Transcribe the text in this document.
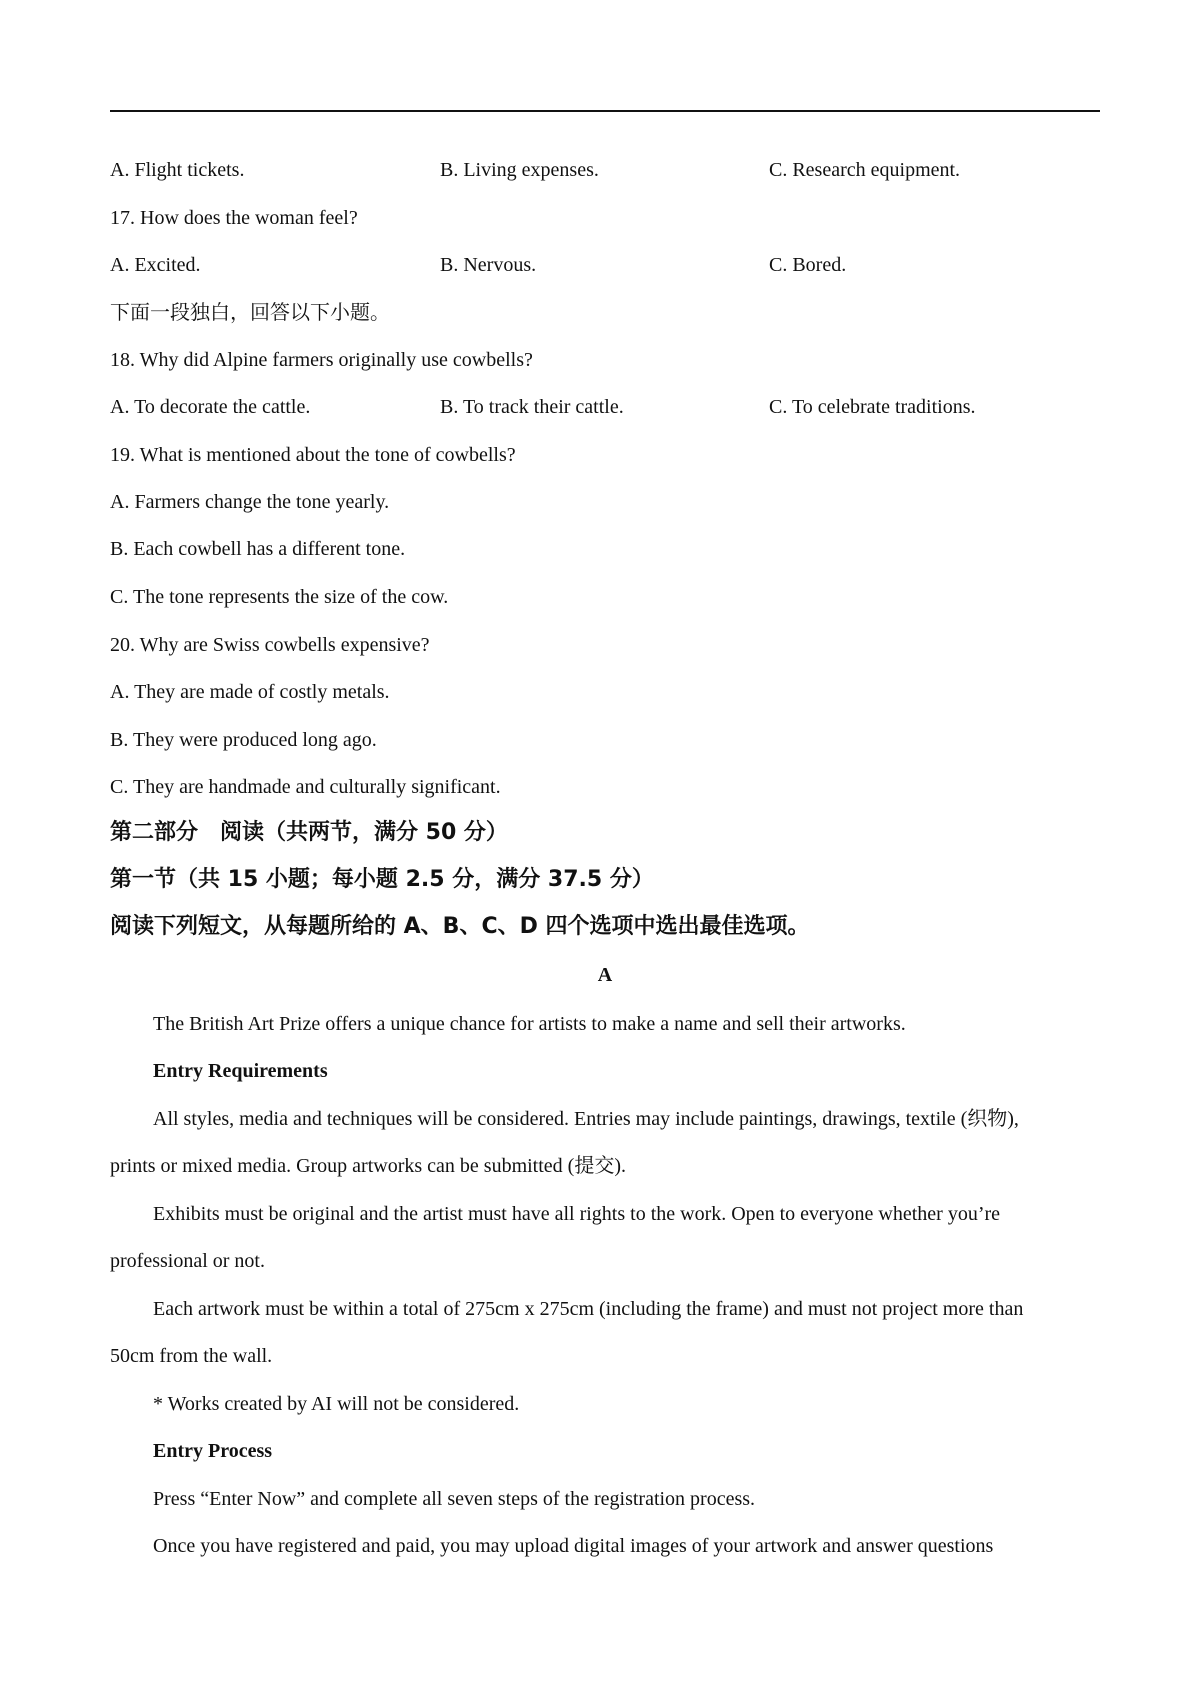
A. Flight tickets.	B. Living expenses.	C. Research equipment.
17. How does the woman feel?
A. Excited.	B. Nervous.	C. Bored.
下面一段独白，回答以下小题。
18. Why did Alpine farmers originally use cowbells?
A. To decorate the cattle.	B. To track their cattle.	C. To celebrate traditions.
19. What is mentioned about the tone of cowbells?
A. Farmers change the tone yearly.
B. Each cowbell has a different tone.
C. The tone represents the size of the cow.
20. Why are Swiss cowbells expensive?
A. They are made of costly metals.
B. They were produced long ago.
C. They are handmade and culturally significant.
第二部分　阅读（共两节，满分 50 分）
第一节（共 15 小题；每小题 2.5 分，满分 37.5 分）
阅读下列短文，从每题所给的 A、B、C、D 四个选项中选出最佳选项。
A
The British Art Prize offers a unique chance for artists to make a name and sell their artworks.
Entry Requirements
All styles, media and techniques will be considered. Entries may include paintings, drawings, textile (织物),
prints or mixed media. Group artworks can be submitted (提交).
Exhibits must be original and the artist must have all rights to the work. Open to everyone whether you’re
professional or not.
Each artwork must be within a total of 275cm x 275cm (including the frame) and must not project more than
50cm from the wall.
* Works created by AI will not be considered.
Entry Process
Press “Enter Now” and complete all seven steps of the registration process.
Once you have registered and paid, you may upload digital images of your artwork and answer questions
